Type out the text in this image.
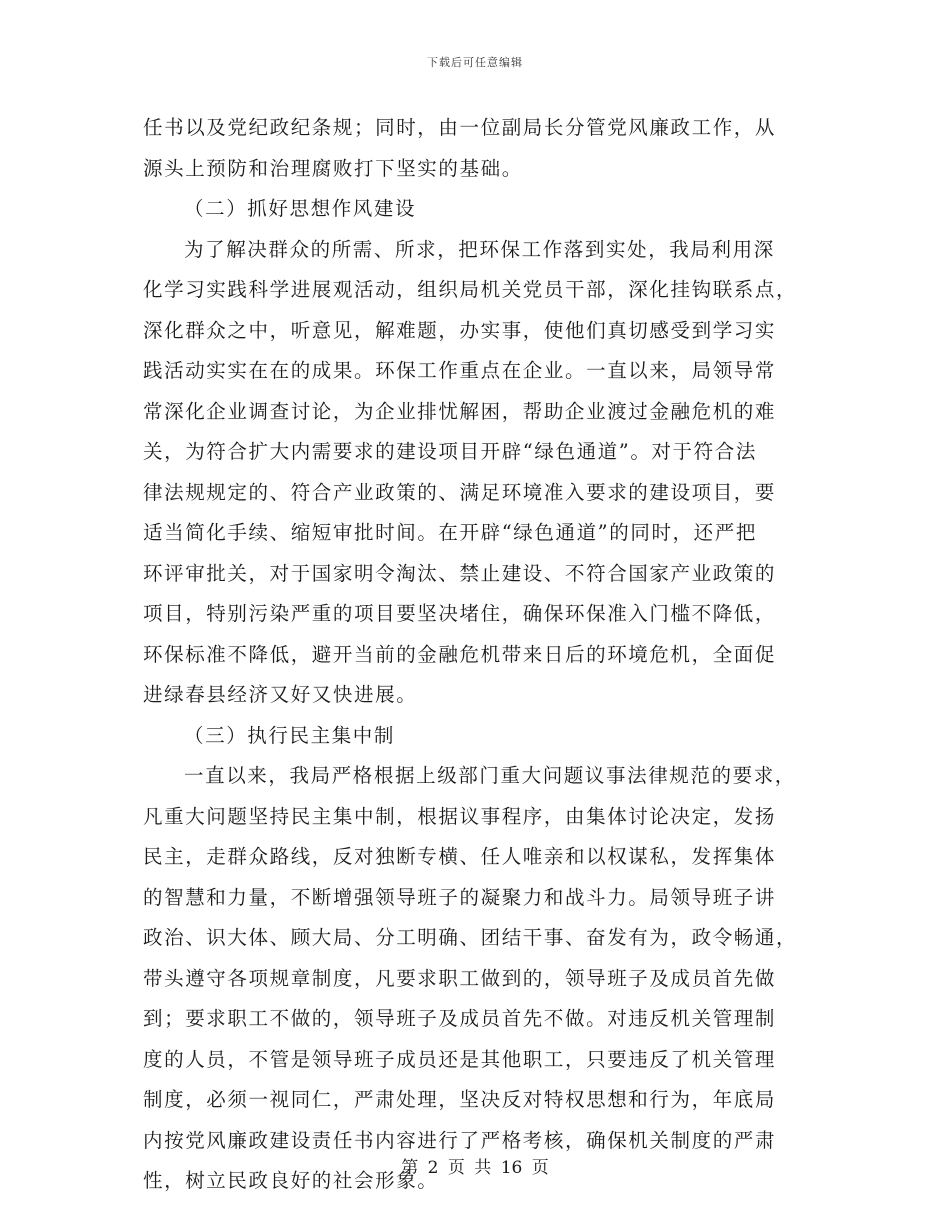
下载后可任意编辑
任书以及党纪政纪条规；同时，由一位副局长分管党风廉政工作，从
源头上预防和治理腐败打下坚实的基础。
（二）抓好思想作风建设
为了解决群众的所需、所求，把环保工作落到实处，我局利用深
化学习实践科学进展观活动，组织局机关党员干部，深化挂钩联系点，
深化群众之中，听意见，解难题，办实事，使他们真切感受到学习实
践活动实实在在的成果。环保工作重点在企业。一直以来，局领导常
常深化企业调查讨论，为企业排忧解困，帮助企业渡过金融危机的难
关，为符合扩大内需要求的建设项目开辟“绿色通道”。对于符合法
律法规规定的、符合产业政策的、满足环境准入要求的建设项目，要
适当简化手续、缩短审批时间。在开辟“绿色通道”的同时，还严把
环评审批关，对于国家明令淘汰、禁止建设、不符合国家产业政策的
项目，特别污染严重的项目要坚决堵住，确保环保准入门槛不降低，
环保标准不降低，避开当前的金融危机带来日后的环境危机，全面促
进绿春县经济又好又快进展。
（三）执行民主集中制
一直以来，我局严格根据上级部门重大问题议事法律规范的要求，
凡重大问题坚持民主集中制，根据议事程序，由集体讨论决定，发扬
民主，走群众路线，反对独断专横、任人唯亲和以权谋私，发挥集体
的智慧和力量，不断增强领导班子的凝聚力和战斗力。局领导班子讲
政治、识大体、顾大局、分工明确、团结干事、奋发有为，政令畅通，
带头遵守各项规章制度，凡要求职工做到的，领导班子及成员首先做
到；要求职工不做的，领导班子及成员首先不做。对违反机关管理制
度的人员，不管是领导班子成员还是其他职工，只要违反了机关管理
制度，必须一视同仁，严肃处理，坚决反对特权思想和行为，年底局
内按党风廉政建设责任书内容进行了严格考核，确保机关制度的严肃
性，树立民政良好的社会形象。
第 2 页 共 16 页
